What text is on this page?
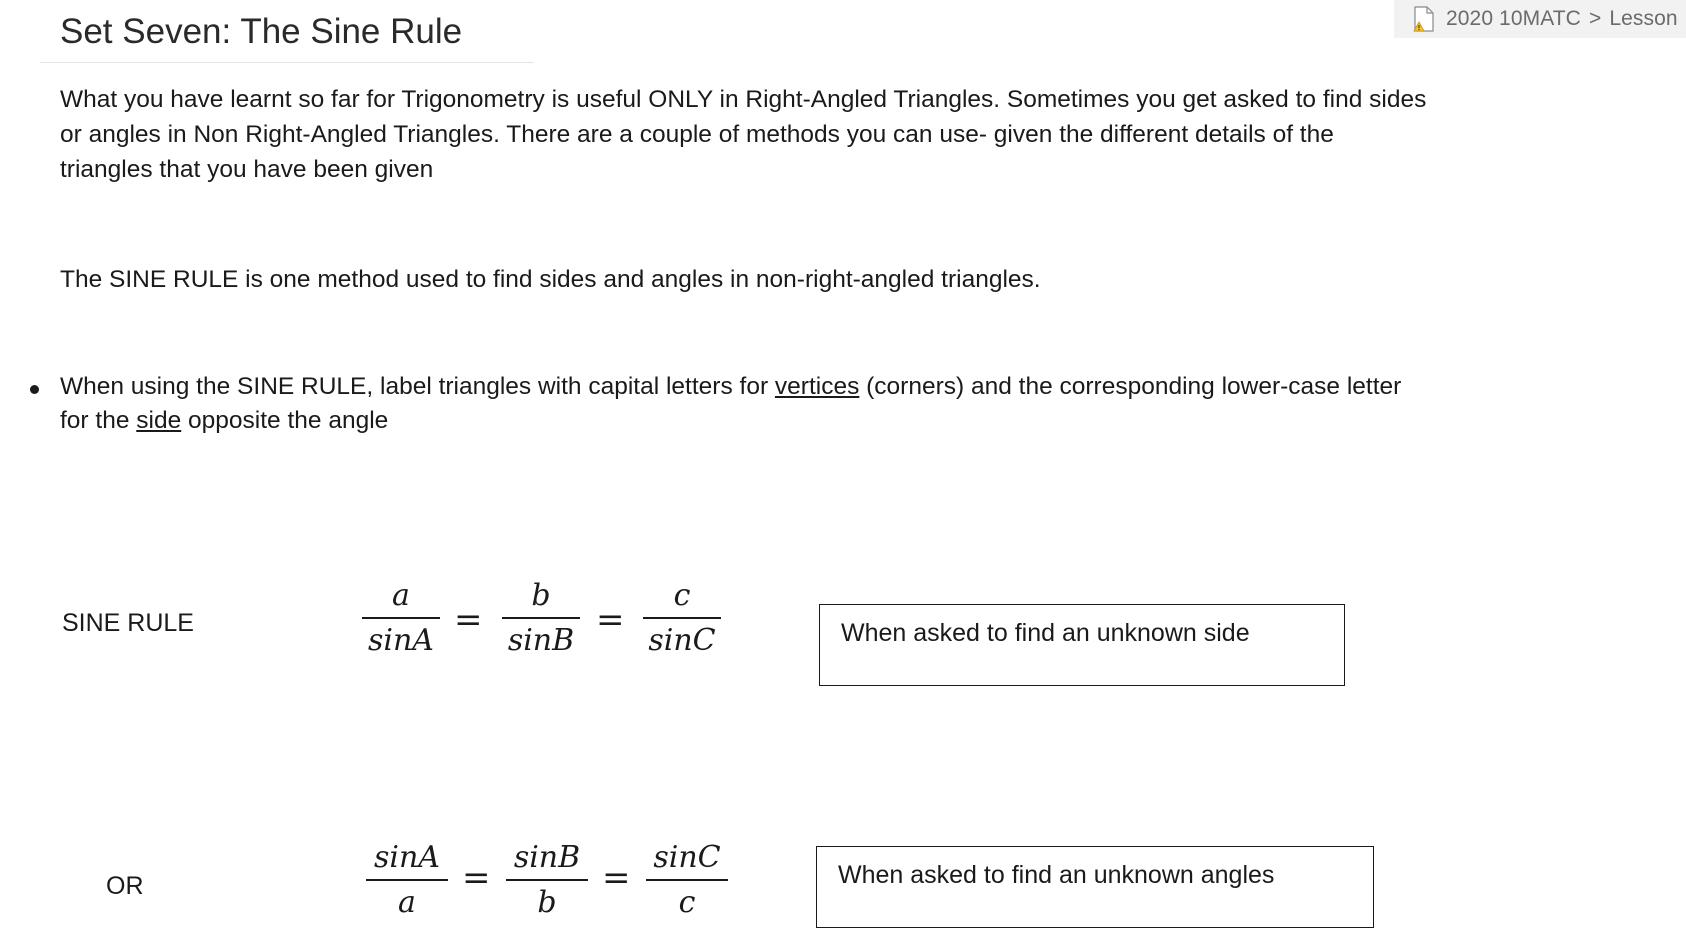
2020 10MATC > Lesson
Set Seven: The Sine Rule

What you have learnt so far for Trigonometry is useful ONLY in Right-Angled Triangles. Sometimes you get asked to find sides or angles in Non Right-Angled Triangles. There are a couple of methods you can use- given the different details of the triangles that you have been given

The SINE RULE is one method used to find sides and angles in non-right-angled triangles.

When using the SINE RULE, label triangles with capital letters for vertices (corners) and the corresponding lower-case letter for the side opposite the angle

SINE RULE
a
sinA
=
b
sinB
=
c
sinC	When asked to find an unknown side
sinA
a
=
sinB
b
=
sinC
c
OR	When asked to find an unknown angles
